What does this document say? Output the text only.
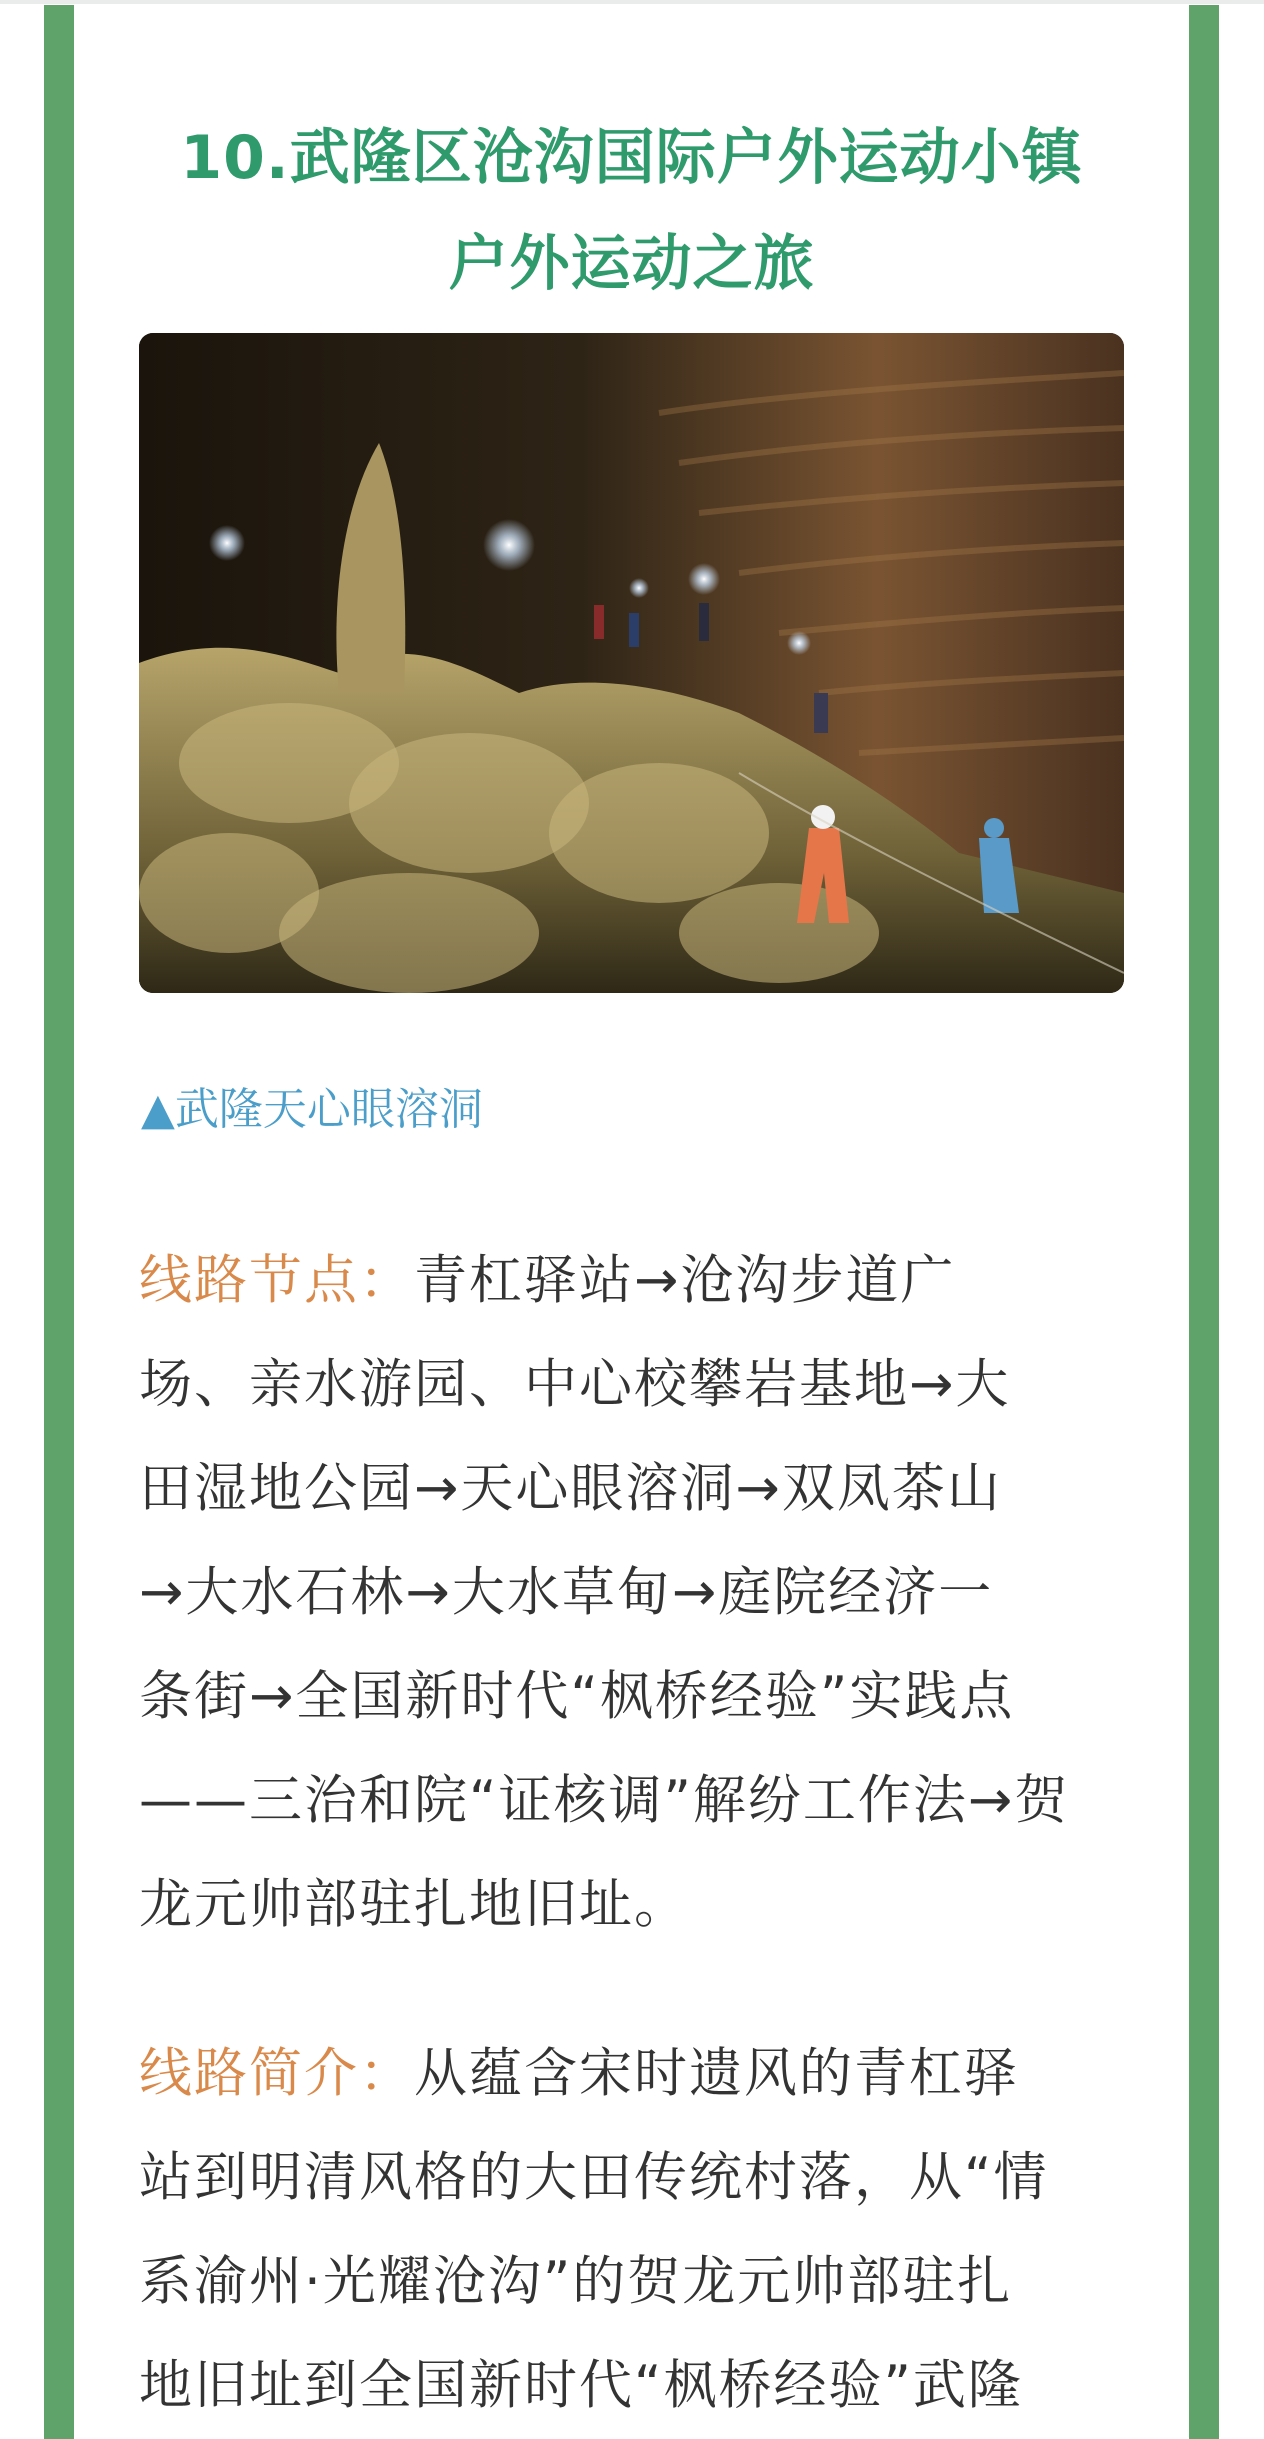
10.武隆区沧沟国际户外运动小镇
户外运动之旅
▲武隆天心眼溶洞

线路节点：青杠驿站→沧沟步道广
场、亲水游园、中心校攀岩基地→大
田湿地公园→天心眼溶洞→双凤茶山
→大水石林→大水草甸→庭院经济一
条街→全国新时代“枫桥经验”实践点
——三治和院“证核调”解纷工作法→贺
龙元帅部驻扎地旧址。

线路简介：从蕴含宋时遗风的青杠驿
站到明清风格的大田传统村落，从“情
系渝州·光耀沧沟”的贺龙元帅部驻扎
地旧址到全国新时代“枫桥经验”武隆
